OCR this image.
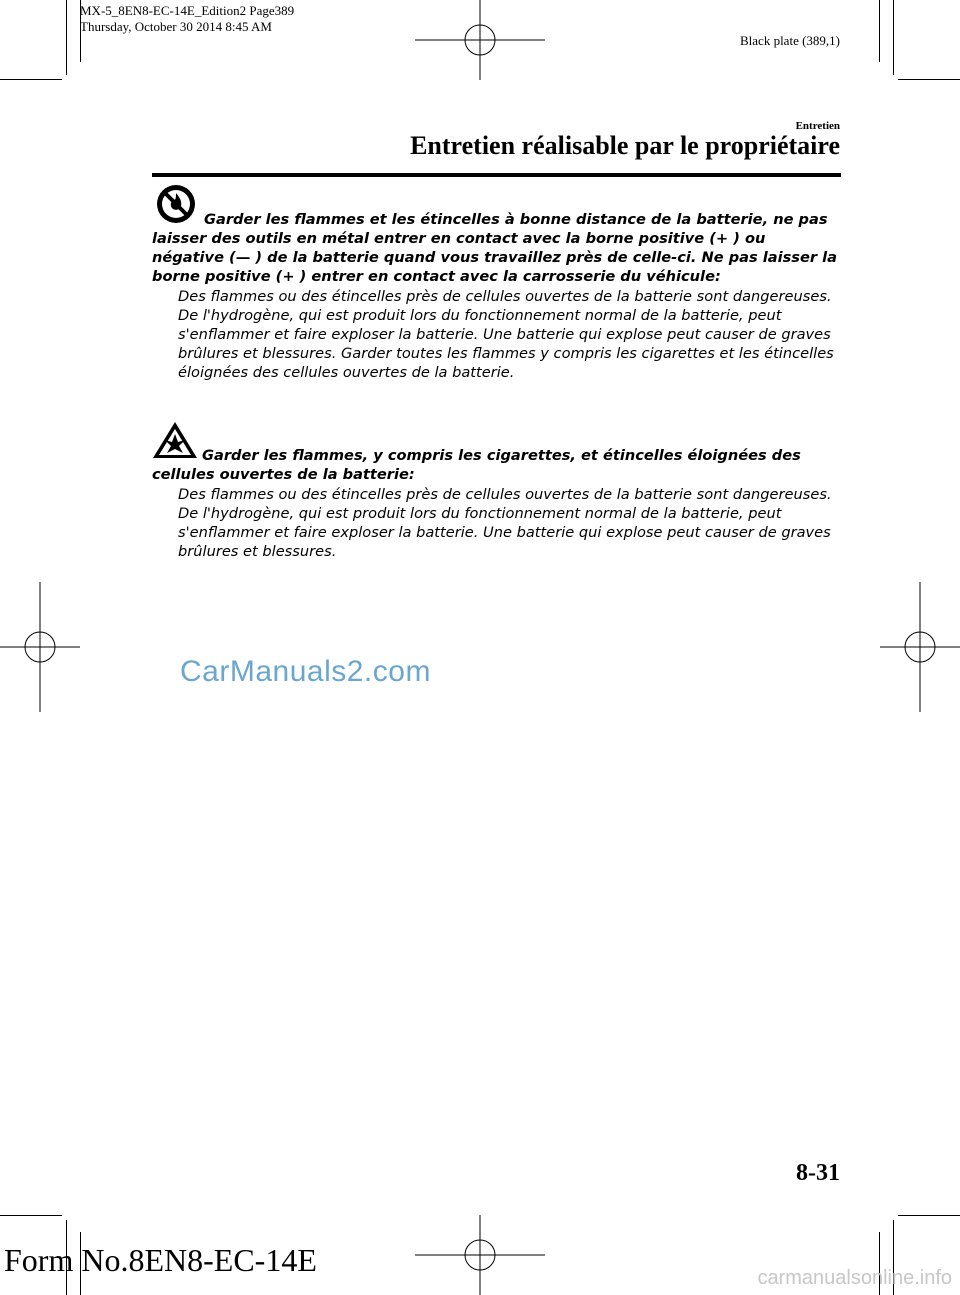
MX-5_8EN8-EC-14E_Edition2 Page389
Thursday, October 30 2014 8:45 AM
Black plate (389,1)
Entretien
Entretien réalisable par le propriétaire

Garder les flammes et les étincelles à bonne distance de la batterie, ne pas laisser des outils en métal entrer en contact avec la borne positive (+ ) ou négative (— ) de la batterie quand vous travaillez près de celle-ci. Ne pas laisser la borne positive (+ ) entrer en contact avec la carrosserie du véhicule:

Des flammes ou des étincelles près de cellules ouvertes de la batterie sont dangereuses. De l'hydrogène, qui est produit lors du fonctionnement normal de la batterie, peut s'enflammer et faire exploser la batterie. Une batterie qui explose peut causer de graves brûlures et blessures. Garder toutes les flammes y compris les cigarettes et les étincelles éloignées des cellules ouvertes de la batterie.

Garder les flammes, y compris les cigarettes, et étincelles éloignées des cellules ouvertes de la batterie:

Des flammes ou des étincelles près de cellules ouvertes de la batterie sont dangereuses. De l'hydrogène, qui est produit lors du fonctionnement normal de la batterie, peut s'enflammer et faire exploser la batterie. Une batterie qui explose peut causer de graves brûlures et blessures.

CarManuals2.com
8-31
Form No.8EN8-EC-14E	carmanualsonline.info
